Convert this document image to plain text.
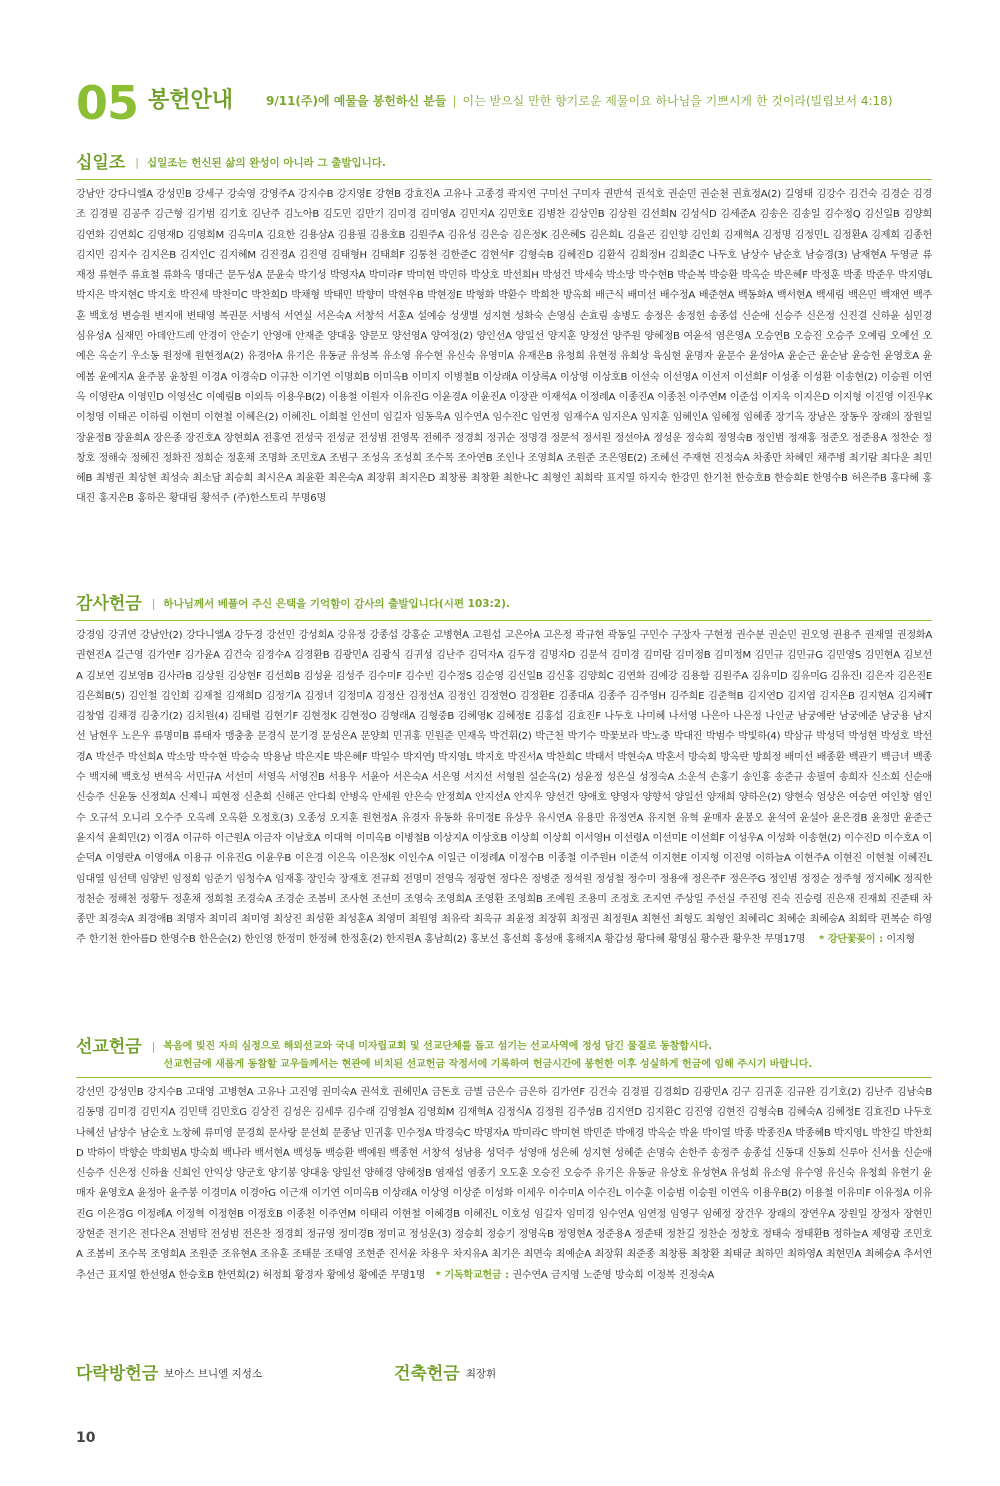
05 봉헌안내	9/11(주)에 예물을 봉헌하신 분들 | 이는 받으실 만한 향기로운 제물이요 하나님을 기쁘시게 한 것이라(빌립보서 4:18)
십일조 | 십일조는 헌신된 삶의 완성이 아니라 그 출발입니다.
강남안 강다니엘A 강성민B 강세구 강숙영 강영주A 강지수B 강지영E 강현B 강효진A 고유나 고종경 곽지연 구미선 구미자 권반석 권석호 권순민 권순천 권효정A(2) 길영태 김강수 김건숙 김경순 김경조 김경필 김공주 김근형 김기범 김기호 김난주 김노아B 김도민 김만기 김미경 김미영A 김민지A 김민호E 김병찬 김상민B 김상원 김선희N 김성식D 김세준A 김송은 김송일 김수정Q 김신일B 김양희 김연화 김연희C 김영재D 김영희M 김옥미A 김요한 김용삼A 김용필 김용호B 김원주A 김유성 김은승 김은정K 김은혜S 김은희L 김을곤 김인향 김인회 김재혁A 김정명 김정민L 김정환A 김제희 김종헌 김지민 김지수 김지은B 김지인C 김지혜M 김진경A 김진영 김태형H 김태희F 김통천 김한준C 김현석F 김형숙B 김혜진D 김환식 김희정H 김희준C 나두호 남상수 남순호 남승경(3) 남재현A 두영균 류재정 류현주 류효철 류화옥 명대근 문두성A 문윤숙 박기성 박영자A 박미라F 박미현 박민하 박상호 박선희H 박성건 박세숙 박소망 박수현B 박순복 박승환 박옥순 박은혜F 박정훈 박종 박준우 박지영L 박지은 박지현C 박지호 박진세 박찬미C 박찬희D 박채형 박태민 박향미 박현우B 박현정E 박형화 박환수 박희찬 방옥희 배근식 배미선 배수정A 배준현A 백동화A 백서현A 백세림 백은민 백재연 백주훈 백호성 변승원 변지애 변태영 복권문 서병석 서연실 서은숙A 서창석 서훈A 설예승 성생별 성지현 성화숙 손영심 손효림 송병도 송정은 송정헌 송종섭 신순애 신승주 신은정 신진결 신하윤 심민경 심유성A 심재민 아데안드레 안경이 안순기 안영애 안재준 양대웅 양문모 양선영A 양여정(2) 양인선A 양일선 양지훈 양정선 양주원 양혜정B 여윤석 염은영A 오승연B 오승진 오승주 오예림 오예선 오예은 옥순기 우소동 원정애 원현정A(2) 유경아A 유기은 유동균 유성복 유소영 유수현 유신숙 유영미A 유재은B 유청희 유현정 유희상 육심현 윤명자 윤문수 윤성아A 윤순근 윤순남 윤승헌 윤영호A 윤예봄 윤예지A 윤주봉 윤창원 이경A 이경숙D 이규찬 이기연 이명희B 이미옥B 이미지 이병철B 이상래A 이상록A 이상영 이상호B 이선숙 이선영A 이선저 이선희F 이성종 이성환 이송현(2) 이승원 이연옥 이영란A 이영민D 이영선C 이예림B 이외득 이용우B(2) 이용철 이원자 이유진G 이윤경A 이윤진A 이장관 이재석A 이정례A 이종진A 이종천 이주연M 이준섭 이지욱 이지은D 이지형 이진영 이진우K 이청영 이태곤 이하림 이현미 이현철 이혜은(2) 이혜진L 이희철 인선미 임길자 임동욱A 임수연A 임수진C 임연정 임재수A 임지은A 임지훈 임혜인A 임혜정 임혜종 장기옥 장남은 장동우 장래의 장원일 장윤정B 장윤희A 장은종 장진호A 장현희A 전홍연 전성국 전성균 전성범 전영목 전혜주 정경희 정귀순 정명경 정문석 정서원 정선아A 정성운 정숙희 정영숙B 정인범 정재홍 정준오 정준용A 정찬순 정창호 정해숙 정혜진 정화진 정희순 정훈채 조명화 조민호A 조범구 조성옥 조성희 조수목 조아연B 조인나 조영희A 조원준 조은영E(2) 조혜선 주재현 진정숙A 차종만 차혜민 채주병 최기람 최다운 최민혜B 최병권 최상현 최성숙 최소담 최승희 최시은A 최윤환 최은숙A 최장휘 최지은D 최창룡 최창환 최한나C 최형인 최희락 표지열 하지숙 한강민 한기천 한승호B 한승희E 한영수B 허은주B 홍다혜 홍대진 홍지은B 홍하은 황대림 황석주 (주)한스토리 무명6명
감사헌금 | 하나님께서 베풀어 주신 은택을 기억함이 감사의 출발입니다(시편 103:2).
강경임 강귀연 강남안(2) 강다니엘A 강두경 강선민 강성희A 강유정 강종섭 강홍순 고병현A 고원섭 고은아A 고은정 곽규현 곽동일 구민수 구장자 구현정 권수분 권순민 권오영 권용주 권재열 권정화A 권현진A 길근영 김가연F 김가윤A 김건숙 김경수A 김경환B 김광민A 김광식 김귀성 김난주 김덕자A 김두경 김명자D 김문석 김미경 김미람 김미정B 김미정M 김민규 김민규G 김민영S 김민현A 김보선A 김보연 김보영B 김사라B 김상원 김상현F 김선희B 김성윤 김성주 김수미F 김수빈 김수정S 김순영 김신일B 김신홍 김양희C 김연화 김예강 김용함 김원주A 김유미D 김유미G 김유진I 김은자 김은진E 김은희B(5) 김인철 김인희 김재철 김재희D 김정기A 김정녀 김정미A 김정산 김정선A 김정인 김정현O 김정환E 김종대A 김종주 김주영H 김주희E 김준혁B 김지연D 김지엽 김지은B 김지현A 김지혜T 김창엽 김채경 김충기(2) 김치원(4) 김태렬 김현기F 김현정K 김현정O 김형래A 김형중B 김혜영K 김혜정E 김홍섭 김효진F 나두호 나미혜 나서영 나은아 나은정 나인균 남궁예란 남궁예준 남궁용 남지선 남현우 노은우 류명미B 류태자 맹충총 문경식 문기경 문성은A 문양희 민귀홍 민원준 민재욱 박건휘(2) 박근천 박기수 박꽃보라 박노중 박대진 박범수 박빛하(4) 박삼규 박성덕 박성현 박성호 박선경A 박선주 박선희A 박소망 박수현 박승숙 박용남 박은지E 박은혜F 박일수 박지연J 박지영L 박지호 박진서A 박찬희C 박태서 박현숙A 박혼서 방숙희 방옥란 방희정 배미선 배종환 백관기 백금녀 백종수 백지혜 백호성 변석옥 서민규A 서선미 서영옥 서영진B 서용우 서윤아 서은숙A 서은영 서지선 서형원 설순옥(2) 성윤정 성은실 성정숙A 소운석 손홍기 송인홍 송준규 송필여 송희자 신소희 신순애 신승주 신윤동 신정희A 신제니 피현정 신춘희 신해곤 안다희 안병옥 안세원 안은숙 안정희A 안지선A 안지우 양선건 양애호 양영자 양향석 양일선 양재희 양하은(2) 양현숙 엄상은 여승연 여인창 염인수 오규석 오니리 오수주 오옥례 오옥환 오정호(3) 오종성 오지훈 원현정A 유경자 유동화 유미정E 유상우 유시연A 유용만 유정연A 유지현 유혁 윤매자 윤봉오 윤석여 윤설아 윤은경B 윤정만 윤준근 윤지석 윤희민(2) 이경A 이규하 이근원A 이금자 이남호A 이대혁 이미옥B 이병철B 이상지A 이상호B 이상희 이상희 이서영H 이선령A 이선미E 이선희F 이성우A 이성화 이송현(2) 이수진D 이수호A 이순덕A 이영란A 이영애A 이용규 이유진G 이윤우B 이은경 이은옥 이은정K 이인수A 이일근 이정례A 이정수B 이종철 이주원H 이준석 이지현E 이지형 이진영 이하늘A 이현주A 이현진 이현철 이혜진L 임대열 임선택 임양빈 임정희 임준기 임청수A 임재홍 장인숙 장재호 전규희 전명미 전영옥 정광현 정다은 정병준 정석원 정성철 정수미 정용애 정은주F 정은주G 정인범 정정순 정주형 정지혜K 정직한 정천순 정해천 정황두 정훈채 정희철 조경숙A 조경순 조봄비 조사현 조선미 조영숙 조영희A 조영환 조영희B 조예원 조용미 조정호 조지연 주상일 주선실 주진영 진숙 진승령 진은재 진재희 진준태 차종만 최경숙A 최경애B 최명자 최미리 최미영 최상진 최성환 최성훈A 최영미 최원영 최유락 최욱규 최윤정 최장휘 최정권 최정원A 최현선 최형도 최형인 최혜리C 최혜순 최혜승A 최희락 편복순 하영주 한기천 한아름D 한영수B 한은순(2) 한인영 한정미 한정혜 한정훈(2) 한지원A 홍남희(2) 홍보선 홍선희 홍성애 홍해지A 황갑성 황다혜 황명심 황수관 황우찬 무명17명 * 강단꽃꽂이 : 이지형
선교헌금 | 복음에 빚진 자의 심정으로 해외선교와 국내 미자립교회 및 선교단체를 돕고 섬기는 선교사역에 정성 담긴 물질로 동참합시다.
선교헌금에 새롭게 동참할 교우들께서는 현관에 비치된 선교헌금 작정서에 기록하여 헌금시간에 봉헌한 이후 성실하게 헌금에 임해 주시기 바랍니다.
강선민 강성민B 강지수B 고대영 고병현A 고유나 고진영 권미숙A 권석호 권혜민A 금돈호 금별 금은수 금은하 김가연F 김건숙 김경필 김경희D 김광민A 김구 김귀훈 김규완 김기호(2) 김난주 김남숙B 김동명 김미경 김민지A 김민택 김민호G 김상진 김성은 김세루 김수래 김영철A 김영희M 김재혁A 김정식A 김정원 김주성B 김지연D 김지환C 김진영 김현진 김형숙B 김혜숙A 김혜정E 김효진D 나두호 나혜선 남상수 남순호 노창혜 류미영 문경희 문사랑 문선희 문종남 민귀홍 민수정A 박경숙C 박명자A 박미라C 박미현 박민준 박애경 박옥순 박윤 박이열 박종 박종진A 박종혜B 박지영L 박찬길 박찬희D 박하이 박향순 박희범A 방숙희 백나라 백서현A 백성동 백승환 백예원 백종현 서창석 성남용 성덕주 성영애 성은혜 성지현 성혜준 손명숙 손한주 송정주 송종섭 신동대 신동희 신루아 신서율 신순애 신승주 신은정 신하율 신희인 안익상 양군호 양기봉 양대웅 양일선 양해경 양혜정B 염재섭 염종기 오도훈 오승진 오승주 유기은 유동균 유상호 유성현A 유성희 유소영 유수영 유신숙 유청희 유현기 윤매자 윤영호A 윤정아 윤주봉 이경미A 이경아G 이근재 이기연 이미옥B 이상래A 이상영 이상준 이성화 이세우 이수미A 이수진L 이수훈 이승범 이승원 이연옥 이용우B(2) 이용철 이유미F 이유정A 이유진G 이은경G 이정례A 이정혁 이정현B 이정호B 이종천 이주연M 이태리 이현철 이혜경B 이혜진L 이호성 임길자 임미경 임수연A 임연정 임영구 임혜정 장건우 장래의 장연우A 장원일 장정자 장현민 장현준 전기은 전다은A 전범탁 전성범 전은찬 정경희 정규영 정미경B 정미교 정성운(3) 정승희 정승기 정영옥B 정영현A 정준용A 정준태 정찬길 정찬순 정창호 정태숙 정태환B 정하늘A 제영광 조민호A 조봄비 조수목 조영희A 조원준 조유현A 조유훈 조태문 조태영 조현준 진서윤 차용우 차지유A 최기은 최면숙 최예순A 최장휘 최준종 최창룡 최창환 최태균 최하민 최하영A 최현민A 최혜승A 추서연 추선근 표지열 한선영A 한승호B 한연희(2) 허정희 황경자 황예성 황예준 무명1명 * 기독학교헌금 : 권수연A 금지영 노준영 방숙희 이정복 진정숙A
다락방헌금 보아스 브니엘 지성소	건축헌금 최장휘
10
